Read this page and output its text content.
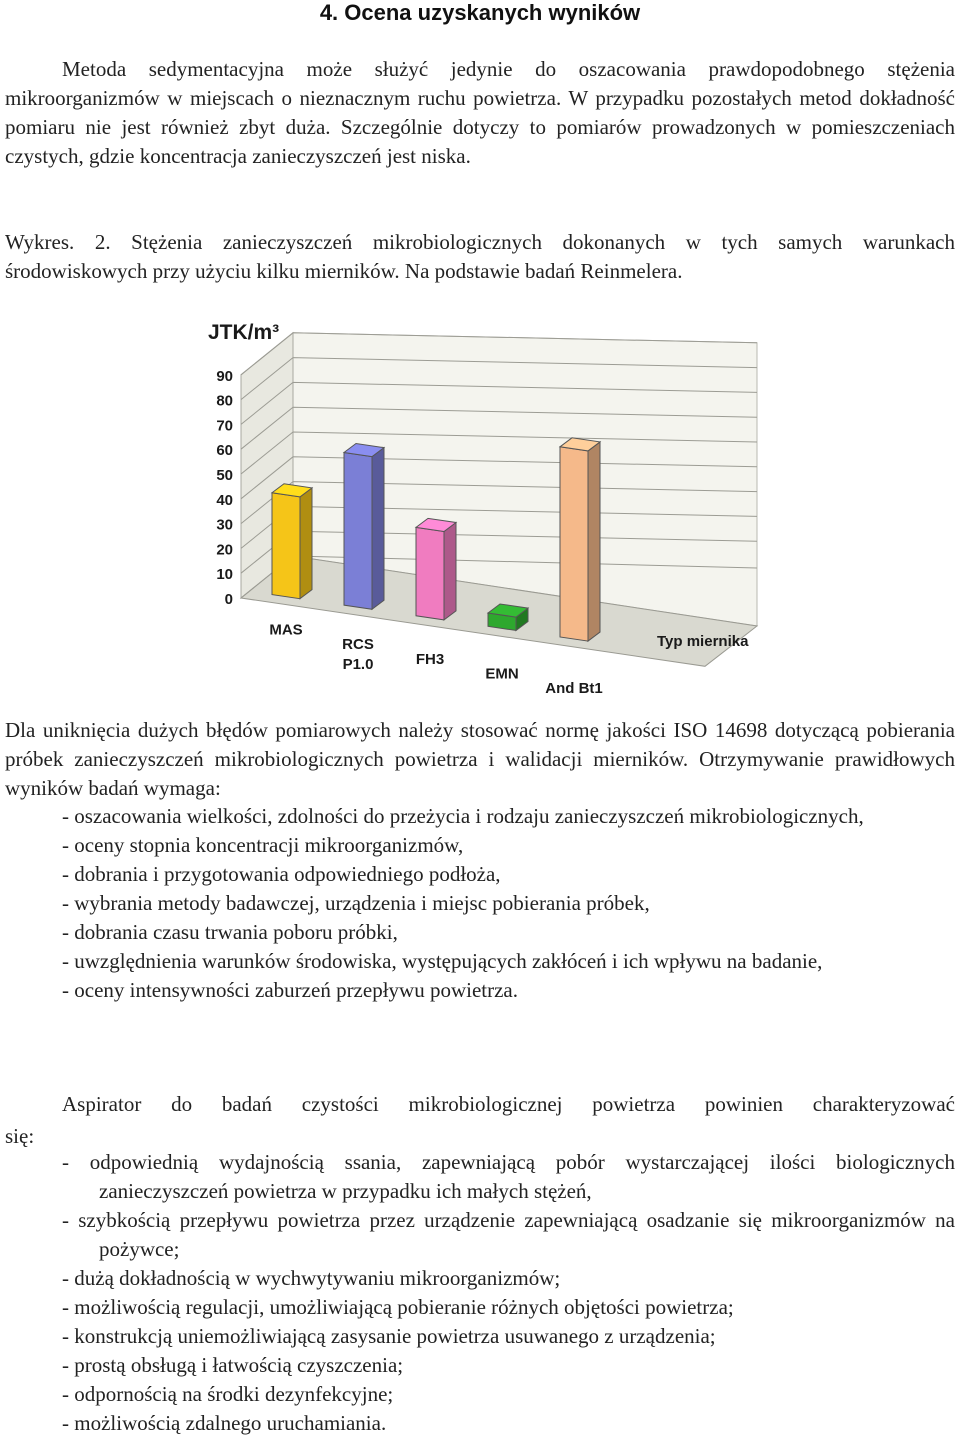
4. Ocena uzyskanych wyników
Metoda sedymentacyjna może służyć jedynie do oszacowania prawdopodobnego stężenia mikroorganizmów w miejscach o nieznacznym ruchu powietrza. W przypadku pozostałych metod dokładność pomiaru nie jest również zbyt duża. Szczególnie dotyczy to pomiarów prowadzonych w pomieszczeniach czystych, gdzie koncentracja zanieczyszczeń jest niska.
Wykres. 2. Stężenia zanieczyszczeń mikrobiologicznych dokonanych w tych samych warunkach środowiskowych przy użyciu kilku mierników. Na podstawie badań Reinmelera.
0
10
20
30
40
50
60
70
80
90
MAS
RCS
P1.0	FH3
EMN
And Bt1
JTK/m³
Typ miernika
Dla uniknięcia dużych błędów pomiarowych należy stosować normę jakości ISO 14698 dotyczącą pobierania próbek zanieczyszczeń mikrobiologicznych powietrza i walidacji mierników. Otrzymywanie prawidłowych wyników badań wymaga:
- oszacowania wielkości, zdolności do przeżycia i rodzaju zanieczyszczeń mikrobiologicznych,
- oceny stopnia koncentracji mikroorganizmów,
- dobrania i przygotowania odpowiedniego podłoża,
- wybrania metody badawczej, urządzenia i miejsc pobierania próbek,
- dobrania czasu trwania poboru próbki,
- uwzględnienia warunków środowiska, występujących zakłóceń i ich wpływu na badanie,
- oceny intensywności zaburzeń przepływu powietrza.
Aspirator do badań czystości mikrobiologicznej powietrza powinien charakteryzować
się:
- odpowiednią wydajnością ssania, zapewniającą pobór wystarczającej ilości biologicznych zanieczyszczeń powietrza w przypadku ich małych stężeń,
- szybkością przepływu powietrza przez urządzenie zapewniającą osadzanie się mikroorganizmów na pożywce;
- dużą dokładnością w wychwytywaniu mikroorganizmów;
- możliwością regulacji, umożliwiającą pobieranie różnych objętości powietrza;
- konstrukcją uniemożliwiającą zasysanie powietrza usuwanego z urządzenia;
- prostą obsługą i łatwością czyszczenia;
- odpornością na środki dezynfekcyjne;
- możliwością zdalnego uruchamiania.
